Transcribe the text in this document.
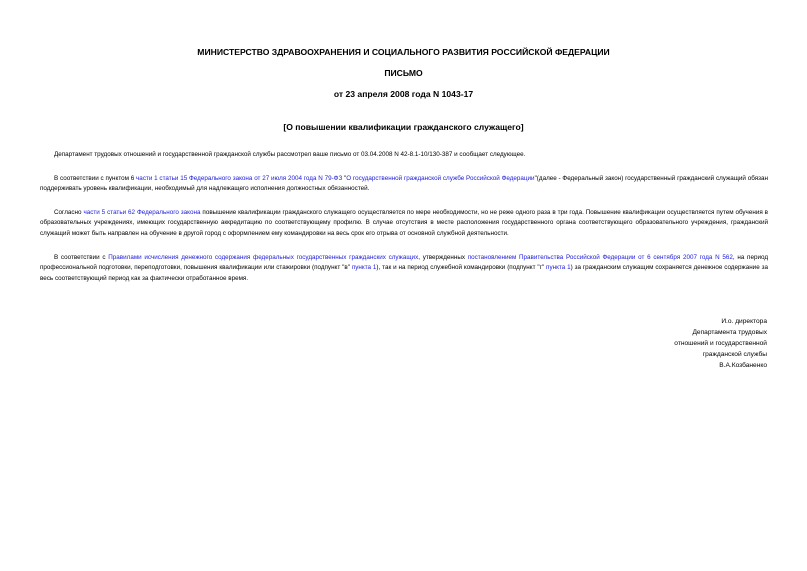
МИНИСТЕРСТВО ЗДРАВООХРАНЕНИЯ И СОЦИАЛЬНОГО РАЗВИТИЯ РОССИЙСКОЙ ФЕДЕРАЦИИ
ПИСЬМО
от 23 апреля 2008 года N 1043-17
[О повышении квалификации гражданского служащего]

Департамент трудовых отношений и государственной гражданской службы рассмотрел ваше письмо от 03.04.2008 N 42-8.1-10/130-387 и сообщает следующее.

В соответствии с пунктом 6 части 1 статьи 15 Федерального закона от 27 июля 2004 года N 79-ФЗ "О государственной гражданской службе Российской Федерации"(далее - Федеральный закон) государственный гражданский служащий обязан поддерживать уровень квалификации, необходимый для надлежащего исполнения должностных обязанностей.

Согласно части 5 статьи 62 Федерального закона повышение квалификации гражданского служащего осуществляется по мере необходимости, но не реже одного раза в три года. Повышение квалификации осуществляется путем обучения в образовательных учреждениях, имеющих государственную аккредитацию по соответствующему профилю. В случае отсутствия в месте расположения государственного органа соответствующего образовательного учреждения, гражданский служащий может быть направлен на обучение в другой город с оформлением ему командировки на весь срок его отрыва от основной службной деятельности.

В соответствии с Правилами исчисления денежного содержания федеральных государственных гражданских служащих, утвержденных постановлением Правительства Российской Федерации от 6 сентября 2007 года N 562, на период профессиональной подготовки, переподготовки, повышения квалификации или стажировки (подпункт "в" пункта 1), так и на период служебной командировки (подпункт "г" пункта 1) за гражданским служащим сохраняется денежное содержание за весь соответствующий период как за фактически отработанное время.

И.о. директора
Департамента трудовых
отношений и государственной
гражданской службы
В.А.Козбаненко
